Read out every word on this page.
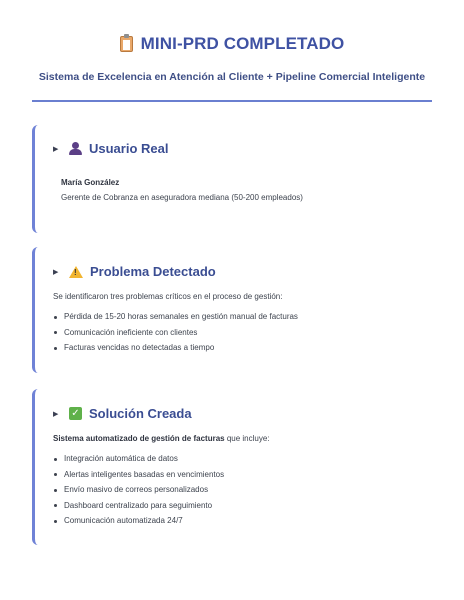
MINI-PRD COMPLETADO
Sistema de Excelencia en Atención al Cliente + Pipeline Comercial Inteligente
▶ Usuario Real
María González
Gerente de Cobranza en aseguradora mediana (50-200 empleados)
▶	! Problema Detectado
Se identificaron tres problemas críticos en el proceso de gestión:
Pérdida de 15-20 horas semanales en gestión manual de facturas
Comunicación ineficiente con clientes
Facturas vencidas no detectadas a tiempo
▶	✓ Solución Creada
Sistema automatizado de gestión de facturas que incluye:
Integración automática de datos
Alertas inteligentes basadas en vencimientos
Envío masivo de correos personalizados
Dashboard centralizado para seguimiento
Comunicación automatizada 24/7
